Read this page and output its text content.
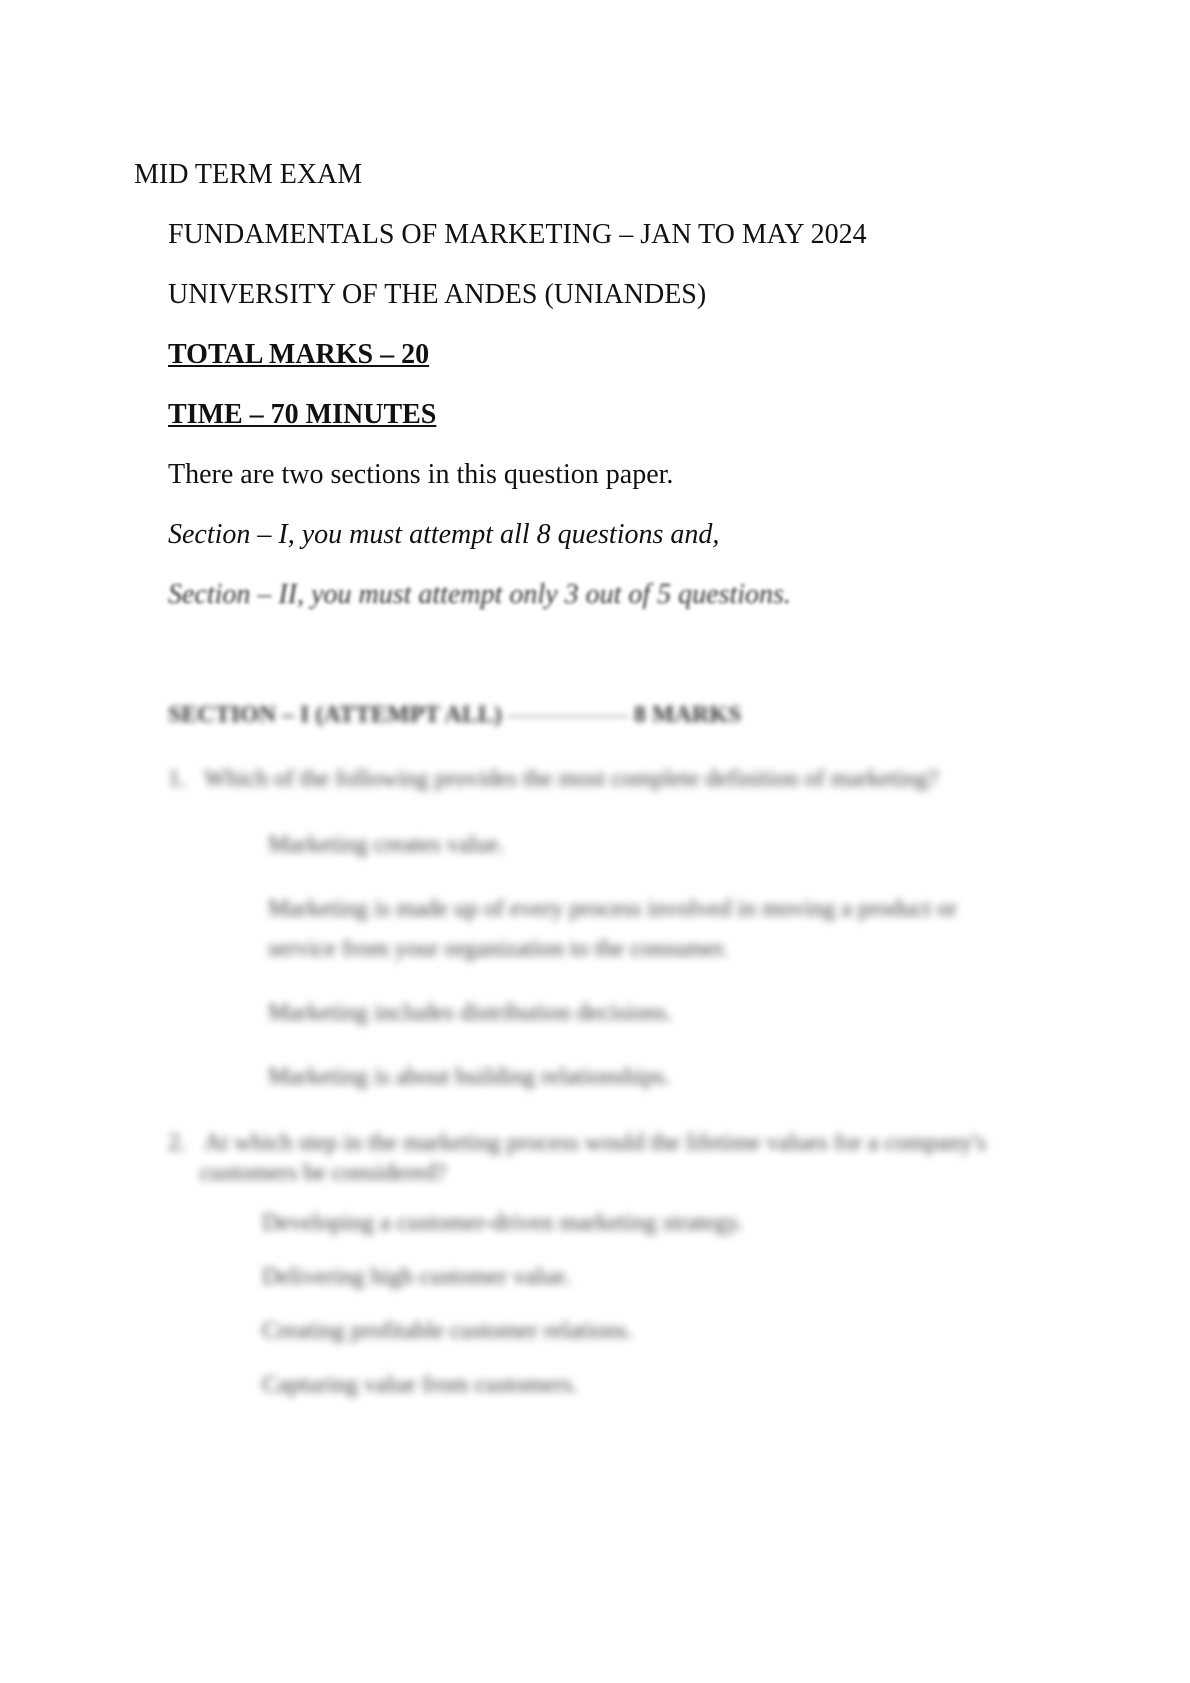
MID TERM EXAM
FUNDAMENTALS OF MARKETING – JAN TO MAY 2024
UNIVERSITY OF THE ANDES (UNIANDES)
TOTAL MARKS – 20
TIME – 70 MINUTES
There are two sections in this question paper.
Section – I, you must attempt all 8 questions and,
Section – II, you must attempt only 3 out of 5 questions.
SECTION – I (ATTEMPT ALL) –––––––––– 8 MARKS
1. Which of the following provides the most complete definition of marketing?
Marketing creates value.
Marketing is made up of every process involved in moving a product or
service from your organization to the consumer.
Marketing includes distribution decisions.
Marketing is about building relationships.
2. At which step in the marketing process would the lifetime values for a company's
customers be considered?
Developing a customer-driven marketing strategy.
Delivering high customer value.
Creating profitable customer relations.
Capturing value from customers.
